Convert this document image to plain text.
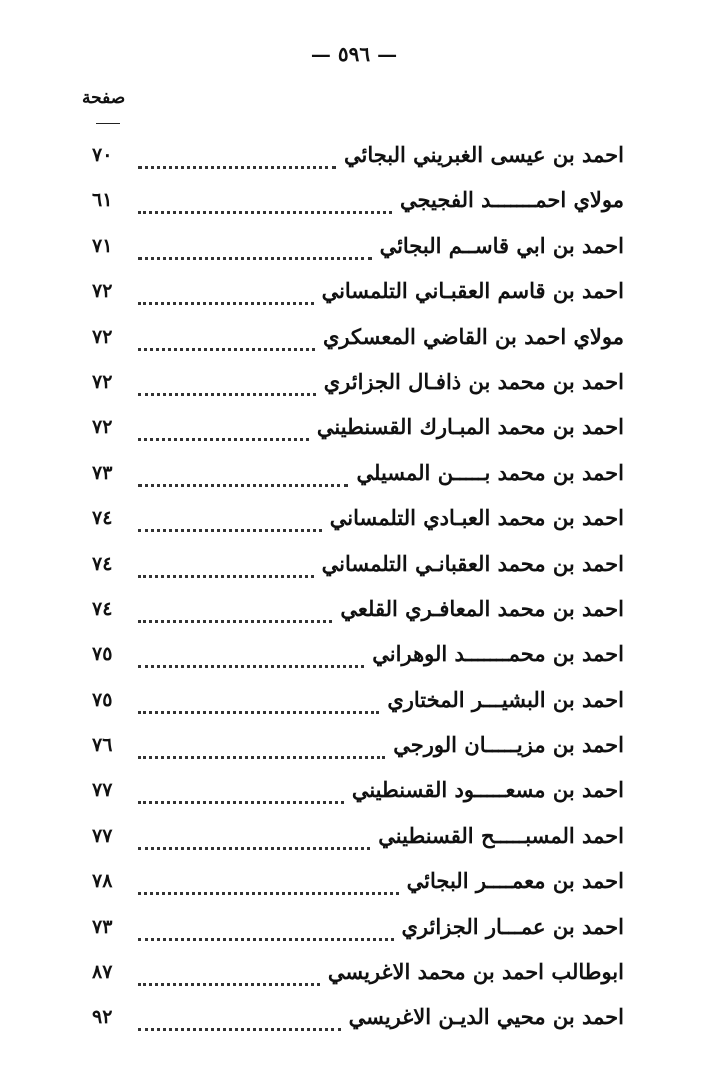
— ٥٩٦ —
صفحة
احمد بن عيسى الغبريني البجائي
٧٠
مولاي احمـــــــد الفجيجي
٦١
احمد بن ابي قاســم البجائي
٧١
احمد بن قاسم العقبـاني التلمساني
٧٢
مولاي احمد بن القاضي المعسكري
٧٢
احمد بن محمد بن ذافـال الجزائري
٧٢
احمد بن محمد المبـارك القسنطيني
٧٢
احمد بن محمد بـــــن المسيلي
٧٣
احمد بن محمد العبـادي التلمساني
٧٤
احمد بن محمد العقبانـي التلمساني
٧٤
احمد بن محمد المعافـري القلعي
٧٤
احمد بن محمـــــــد الوهراني
٧٥
احمد بن البشيـــر المختاري
٧٥
احمد بن مزيـــــان الورجي
٧٦
احمد بن مسعـــــود القسنطيني
٧٧
احمد المسبـــــح القسنطيني
٧٧
احمد بن معمــــر البجائي
٧٨
احمد بن عمـــار الجزائري
٧٣
ابوطالب احمد بن محمد الاغريسي
٨٧
احمد بن محيي الديـن الاغريسي
٩٢
